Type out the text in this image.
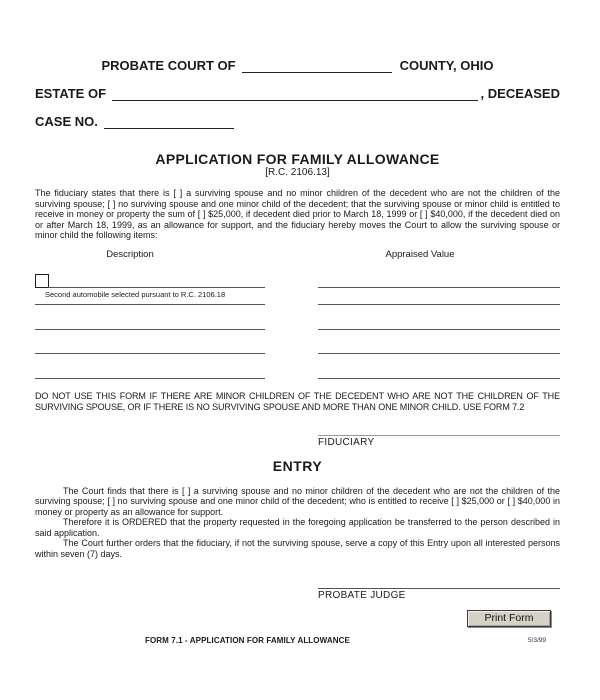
PROBATE COURT OF	COUNTY, OHIO
ESTATE OF	, DECEASED
CASE NO.
APPLICATION FOR FAMILY ALLOWANCE
[R.C. 2106.13]

The fiduciary states that there is [ ] a surviving spouse and no minor children of the decedent who are not the children of the surviving spouse; [ ] no surviving spouse and one minor child of the decedent; that the surviving spouse or minor child is entitled to receive in money or property the sum of [ ] $25,000, if decedent died prior to March 18, 1999 or [ ] $40,000, if the decedent died on or after March 18, 1999, as an allowance for support, and the fiduciary hereby moves the Court to allow the surviving spouse or minor child the following items:

Description	Appraised Value
Second automobile selected pursuant to R.C. 2106.18

DO NOT USE THIS FORM IF THERE ARE MINOR CHILDREN OF THE DECEDENT WHO ARE NOT THE CHILDREN OF THE SURVIVING SPOUSE, OR IF THERE IS NO SURVIVING SPOUSE AND MORE THAN ONE MINOR CHILD. USE FORM 7.2

FIDUCIARY
ENTRY

The Court finds that there is [ ] a surviving spouse and no minor children of the decedent who are not the children of the surviving spouse; [ ] no surviving spouse and one minor child of the decedent; who is entitled to receive [ ] $25,000 or [ ] $40,000 in money or property as an allowance for support.

Therefore it is ORDERED that the property requested in the foregoing application be transferred to the person described in said application.

The Court further orders that the fiduciary, if not the surviving spouse, serve a copy of this Entry upon all interested persons within seven (7) days.

PROBATE JUDGE
Print Form
FORM 7.1 - APPLICATION FOR FAMILY ALLOWANCE	5/3/99
